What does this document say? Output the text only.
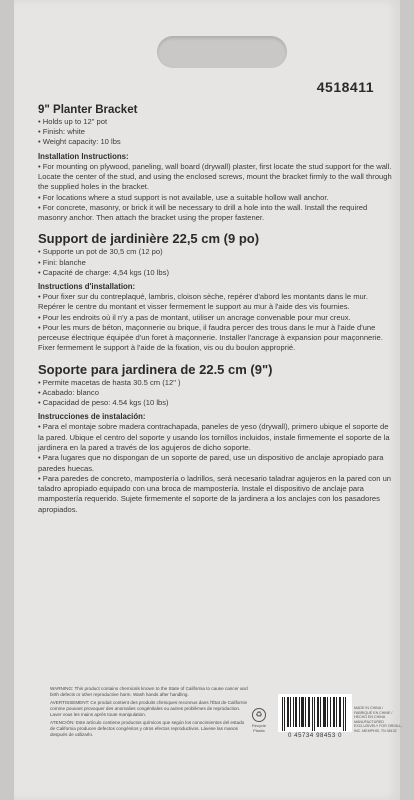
4518411
9" Planter Bracket

• Holds up to 12" pot

• Finish: white

• Weight capacity: 10 lbs

Installation Instructions:

• For mounting on plywood, paneling, wall board (drywall) plaster, first locate the stud support for the wall. Locate the center of the stud, and using the enclosed screws, mount the bracket firmly to the wall through the supplied holes in the bracket.

• For locations where a stud support is not available, use a suitable hollow wall anchor.

• For concrete, masonry, or brick it will be necessary to drill a hole into the wall. Install the required masonry anchor. Then attach the bracket using the proper fastener.

Support de jardinière 22,5 cm (9 po)

• Supporte un pot de 30,5 cm (12 po)

• Fini: blanche

• Capacité de charge: 4,54 kgs (10 lbs)

Instructions d'installation:

• Pour fixer sur du contreplaqué, lambris, cloison sèche, repérer d'abord les montants dans le mur. Repérer le centre du montant et visser fermement le support au mur à l'aide des vis fournies.

• Pour les endroits où il n'y a pas de montant, utiliser un ancrage convenable pour mur creux.

• Pour les murs de béton, maçonnerie ou brique, il faudra percer des trous dans le mur à l'aide d'une perceuse électrique équipée d'un foret à maçonnerie. Installer l'ancrage à expansion pour maçonnerie. Fixer fermement le support à l'aide de la fixation, vis ou du boulon approprié.

Soporte para jardinera de 22.5 cm (9")

• Permite macetas de hasta 30.5 cm (12" )

• Acabado: blanco

• Capacidad de peso: 4.54 kgs (10 lbs)

Instrucciones de instalación:

• Para el montaje sobre madera contrachapada, paneles de yeso (drywall), primero ubique el soporte de la pared. Ubique el centro del soporte y usando los tornillos incluidos, instale firmemente el soporte de la jardinera en la pared a través de los agujeros de dicho soporte.

• Para lugares que no dispongan de un soporte de pared, use un dispositivo de anclaje apropiado para paredes huecas.

• Para paredes de concreto, mampostería o ladrillos, será necesario taladrar agujeros en la pared con un taladro apropiado equipado con una broca de mampostería. Instale el dispositivo de anclaje para mampostería requerido. Sujete firmemente el soporte de la jardinera a los anclajes con los pasadores apropiados.

WARNING: This product contains chemicals known to the State of California to cause cancer and birth defects or other reproductive harm. Wash hands after handling.

AVERTISSEMENT: Ce produit contient des produits chimiques reconnus dans l'État de Californie comme pouvant provoquer des anomalies congénitales ou autres problèmes de reproduction. Laver vous les mains après toute manipulation.

ATENCIÓN: Este artículo contiene productos químicos que según los conocimientos del estado de California producen defectos congénitos y otros efectos reproductivos. Lávese las manos después de utilizarlo.

♻
Recycle Plastic
0 45734 98453 0
MADE IN CHINA / FABRIQUÉ EN CHINE / HECHO EN CHINA MANUFACTURED EXCLUSIVELY FOR ORGILL, INC. MEMPHIS, TN 38132
